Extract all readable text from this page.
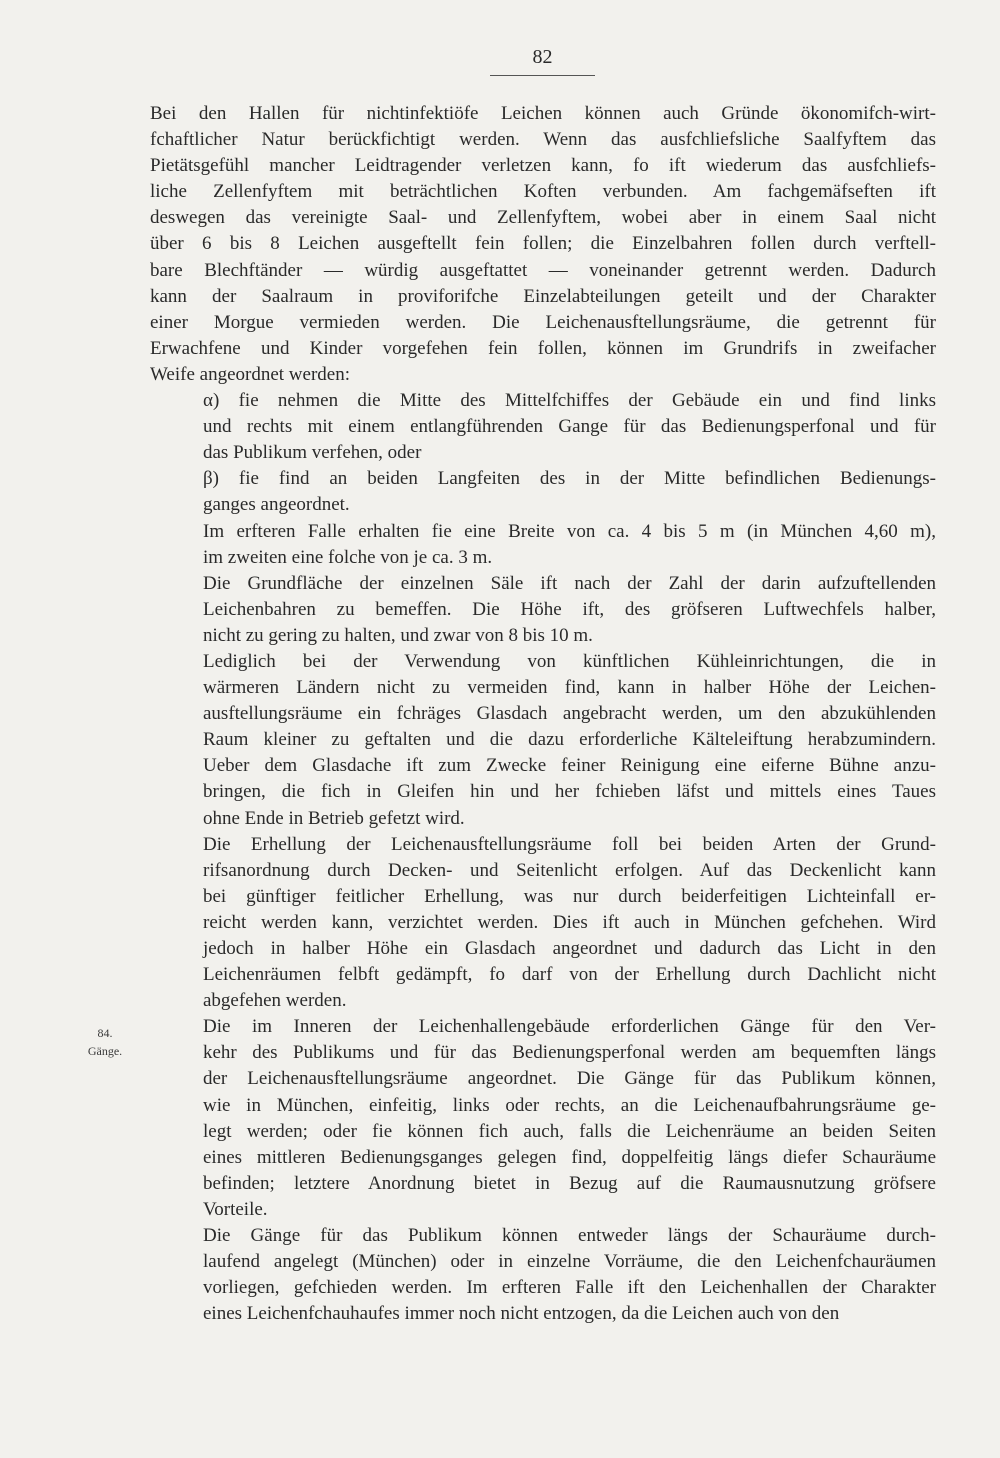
82
84.
Gänge.

Bei den Hallen für nichtinfektiöfe Leichen können auch Gründe ökonomifch-wirt-
fchaftlicher Natur berückfichtigt werden. Wenn das ausfchliefsliche Saalfyftem das
Pietätsgefühl mancher Leidtragender verletzen kann, fo ift wiederum das ausfchliefs-
liche Zellenfyftem mit beträchtlichen Koften verbunden. Am fachgemäfseften ift
deswegen das vereinigte Saal- und Zellenfyftem, wobei aber in einem Saal nicht
über 6 bis 8 Leichen ausgeftellt fein follen; die Einzelbahren follen durch verftell-
bare Blechftänder — würdig ausgeftattet — voneinander getrennt werden. Dadurch
kann der Saalraum in proviforifche Einzelabteilungen geteilt und der Charakter
einer Morgue vermieden werden. Die Leichenausftellungsräume, die getrennt für
Erwachfene und Kinder vorgefehen fein follen, können im Grundrifs in zweifacher
Weife angeordnet werden:

α) fie nehmen die Mitte des Mittelfchiffes der Gebäude ein und find links
und rechts mit einem entlangführenden Gange für das Bedienungsperfonal und für
das Publikum verfehen, oder

β) fie find an beiden Langfeiten des in der Mitte befindlichen Bedienungs-
ganges angeordnet.

Im erfteren Falle erhalten fie eine Breite von ca. 4 bis 5 m (in München 4,60 m),
im zweiten eine folche von je ca. 3 m.

Die Grundfläche der einzelnen Säle ift nach der Zahl der darin aufzuftellenden
Leichenbahren zu bemeffen. Die Höhe ift, des gröfseren Luftwechfels halber,
nicht zu gering zu halten, und zwar von 8 bis 10 m.

Lediglich bei der Verwendung von künftlichen Kühleinrichtungen, die in
wärmeren Ländern nicht zu vermeiden find, kann in halber Höhe der Leichen-
ausftellungsräume ein fchräges Glasdach angebracht werden, um den abzukühlenden
Raum kleiner zu geftalten und die dazu erforderliche Kälteleiftung herabzumindern.
Ueber dem Glasdache ift zum Zwecke feiner Reinigung eine eiferne Bühne anzu-
bringen, die fich in Gleifen hin und her fchieben läfst und mittels eines Taues
ohne Ende in Betrieb gefetzt wird.

Die Erhellung der Leichenausftellungsräume foll bei beiden Arten der Grund-
rifsanordnung durch Decken- und Seitenlicht erfolgen. Auf das Deckenlicht kann
bei günftiger feitlicher Erhellung, was nur durch beiderfeitigen Lichteinfall er-
reicht werden kann, verzichtet werden. Dies ift auch in München gefchehen. Wird
jedoch in halber Höhe ein Glasdach angeordnet und dadurch das Licht in den
Leichenräumen felbft gedämpft, fo darf von der Erhellung durch Dachlicht nicht
abgefehen werden.

Die im Inneren der Leichenhallengebäude erforderlichen Gänge für den Ver-
kehr des Publikums und für das Bedienungsperfonal werden am bequemften längs
der Leichenausftellungsräume angeordnet. Die Gänge für das Publikum können,
wie in München, einfeitig, links oder rechts, an die Leichenaufbahrungsräume ge-
legt werden; oder fie können fich auch, falls die Leichenräume an beiden Seiten
eines mittleren Bedienungsganges gelegen find, doppelfeitig längs diefer Schauräume
befinden; letztere Anordnung bietet in Bezug auf die Raumausnutzung gröfsere
Vorteile.

Die Gänge für das Publikum können entweder längs der Schauräume durch-
laufend angelegt (München) oder in einzelne Vorräume, die den Leichenfchauräumen
vorliegen, gefchieden werden. Im erfteren Falle ift den Leichenhallen der Charakter
eines Leichenfchauhaufes immer noch nicht entzogen, da die Leichen auch von den
